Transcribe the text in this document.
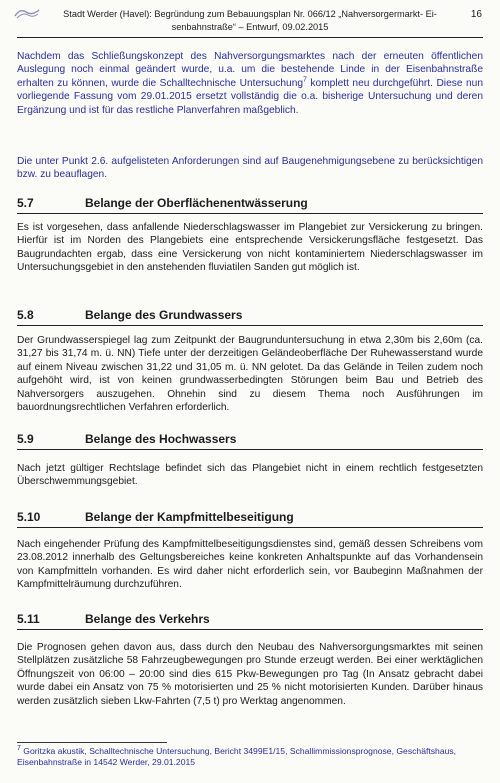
Stadt Werder (Havel): Begründung zum Bebauungsplan Nr. 066/12 „Nahversorgermarkt- Ei-
senbahnstraße“ – Entwurf, 09.02.2015
16
Nachdem das Schließungskonzept des Nahversorgungsmarktes nach der erneuten öffentlichen Auslegung noch einmal geändert wurde, u.a. um die bestehende Linde in der Eisenbahnstraße erhalten zu können, wurde die Schalltechnische Untersuchung$^7$ komplett neu durchgeführt. Diese nun vorliegende Fassung vom 29.01.2015 ersetzt vollständig die o.a. bisherige Untersuchung und deren Ergänzung und ist für das restliche Planverfahren maßgeblich.
Die unter Punkt 2.6. aufgelisteten Anforderungen sind auf Baugenehmigungsebene zu berücksichtigen bzw. zu beauflagen.
5.7	Belange der Oberflächenentwässerung
Es ist vorgesehen, dass anfallende Niederschlagswasser im Plangebiet zur Versickerung zu bringen. Hierfür ist im Norden des Plangebiets eine entsprechende Versickerungsfläche festgesetzt. Das Baugrundachten ergab, dass eine Versickerung von nicht kontaminiertem Niederschlagswasser im Untersuchungsgebiet in den anstehenden fluviatilen Sanden gut möglich ist.
5.8	Belange des Grundwassers
Der Grundwasserspiegel lag zum Zeitpunkt der Baugrunduntersuchung in etwa 2,30m bis 2,60m (ca. 31,27 bis 31,74 m. ü. NN) Tiefe unter der derzeitigen Geländeoberfläche Der Ruhewasserstand wurde auf einem Niveau zwischen 31,22 und 31,05 m. ü. NN gelotet. Da das Gelände in Teilen zudem noch aufgehöht wird, ist von keinen grundwasserbedingten Störungen beim Bau und Betrieb des Nahversorgers auszugehen. Ohnehin sind zu diesem Thema noch Ausführungen im bauordnungsrechtlichen Verfahren erforderlich.
5.9	Belange des Hochwassers
Nach jetzt gültiger Rechtslage befindet sich das Plangebiet nicht in einem rechtlich festgesetzten Überschwemmungsgebiet.
5.10	Belange der Kampfmittelbeseitigung
Nach eingehender Prüfung des Kampfmittelbeseitigungsdienstes sind, gemäß dessen Schreibens vom 23.08.2012 innerhalb des Geltungsbereiches keine konkreten Anhaltspunkte auf das Vorhandensein von Kampfmitteln vorhanden. Es wird daher nicht erforderlich sein, vor Baubeginn Maßnahmen der Kampfmittelräumung durchzuführen.
5.11	Belange des Verkehrs
Die Prognosen gehen davon aus, dass durch den Neubau des Nahversorgungsmarktes mit seinen Stellplätzen zusätzliche 58 Fahrzeugbewegungen pro Stunde erzeugt werden. Bei einer werktäglichen Öffnungszeit von 06:00 – 20:00 sind dies 615 Pkw-Bewegungen pro Tag (In Ansatz gebracht dabei wurde dabei ein Ansatz von 75 % motorisierten und 25 % nicht motorisierten Kunden. Darüber hinaus werden zusätzlich sieben Lkw-Fahrten (7,5 t) pro Werktag angenommen.
$^7$ Goritzka akustik, Schalltechnische Untersuchung, Bericht 3499E1/15, Schallimmissionsprognose, Geschäftshaus, Eisenbahnstraße in 14542 Werder, 29.01.2015
